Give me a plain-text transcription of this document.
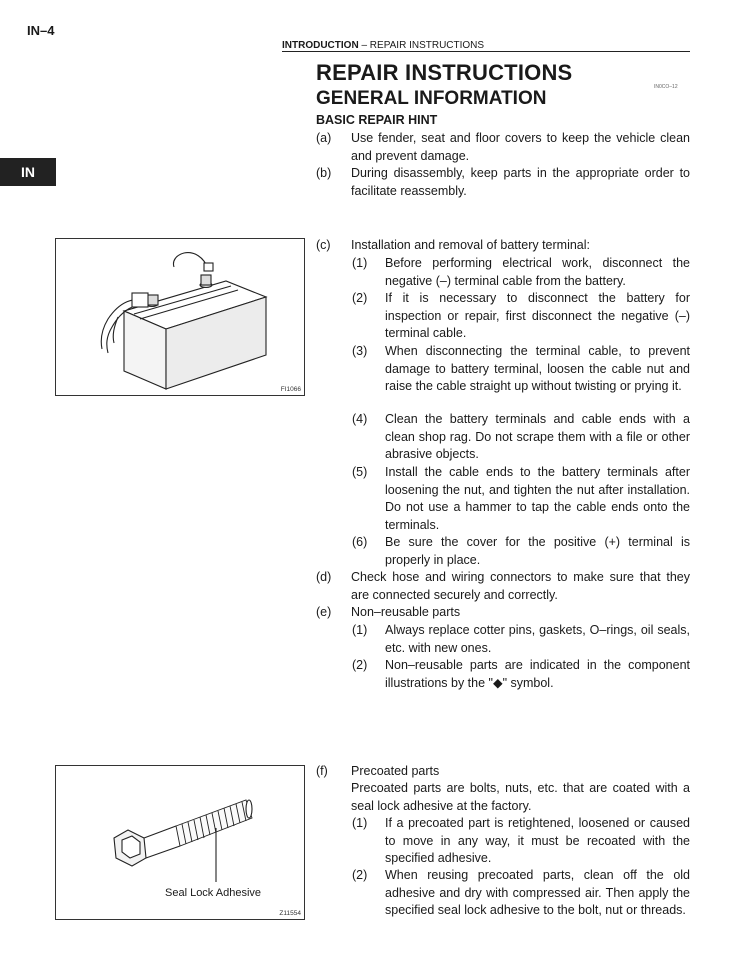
IN–4
INTRODUCTION – REPAIR INSTRUCTIONS
IN
REPAIR INSTRUCTIONS
GENERAL INFORMATION
BASIC REPAIR HINT
IN0CO–12
FI1066
Seal Lock Adhesive
Z11554
(a) Use fender, seat and floor covers to keep the vehicle clean and prevent damage.
(b) During disassembly, keep parts in the appropriate order to facilitate reassembly.
(c) Installation and removal of battery terminal:
(1) Before performing electrical work, disconnect the negative (–) terminal cable from the battery.
(2) If it is necessary to disconnect the battery for inspection or repair, first disconnect the negative (–) terminal cable.
(3) When disconnecting the terminal cable, to prevent damage to battery terminal, loosen the cable nut and raise the cable straight up without twisting or prying it.
(4) Clean the battery terminals and cable ends with a clean shop rag. Do not scrape them with a file or other abrasive objects.
(5) Install the cable ends to the battery terminals after loosening the nut, and tighten the nut after installation. Do not use a hammer to tap the cable ends onto the terminals.
(6) Be sure the cover for the positive (+) terminal is properly in place.
(d) Check hose and wiring connectors to make sure that they are connected securely and correctly.
(e) Non–reusable parts
(1) Always replace cotter pins, gaskets, O–rings, oil seals, etc. with new ones.
(2) Non–reusable parts are indicated in the component illustrations by the "◆" symbol.
(f) Precoated parts
Precoated parts are bolts, nuts, etc. that are coated with a seal lock adhesive at the factory.
(1) If a precoated part is retightened, loosened or caused to move in any way, it must be recoated with the specified adhesive.
(2) When reusing precoated parts, clean off the old adhesive and dry with compressed air. Then apply the specified seal lock adhesive to the bolt, nut or threads.
